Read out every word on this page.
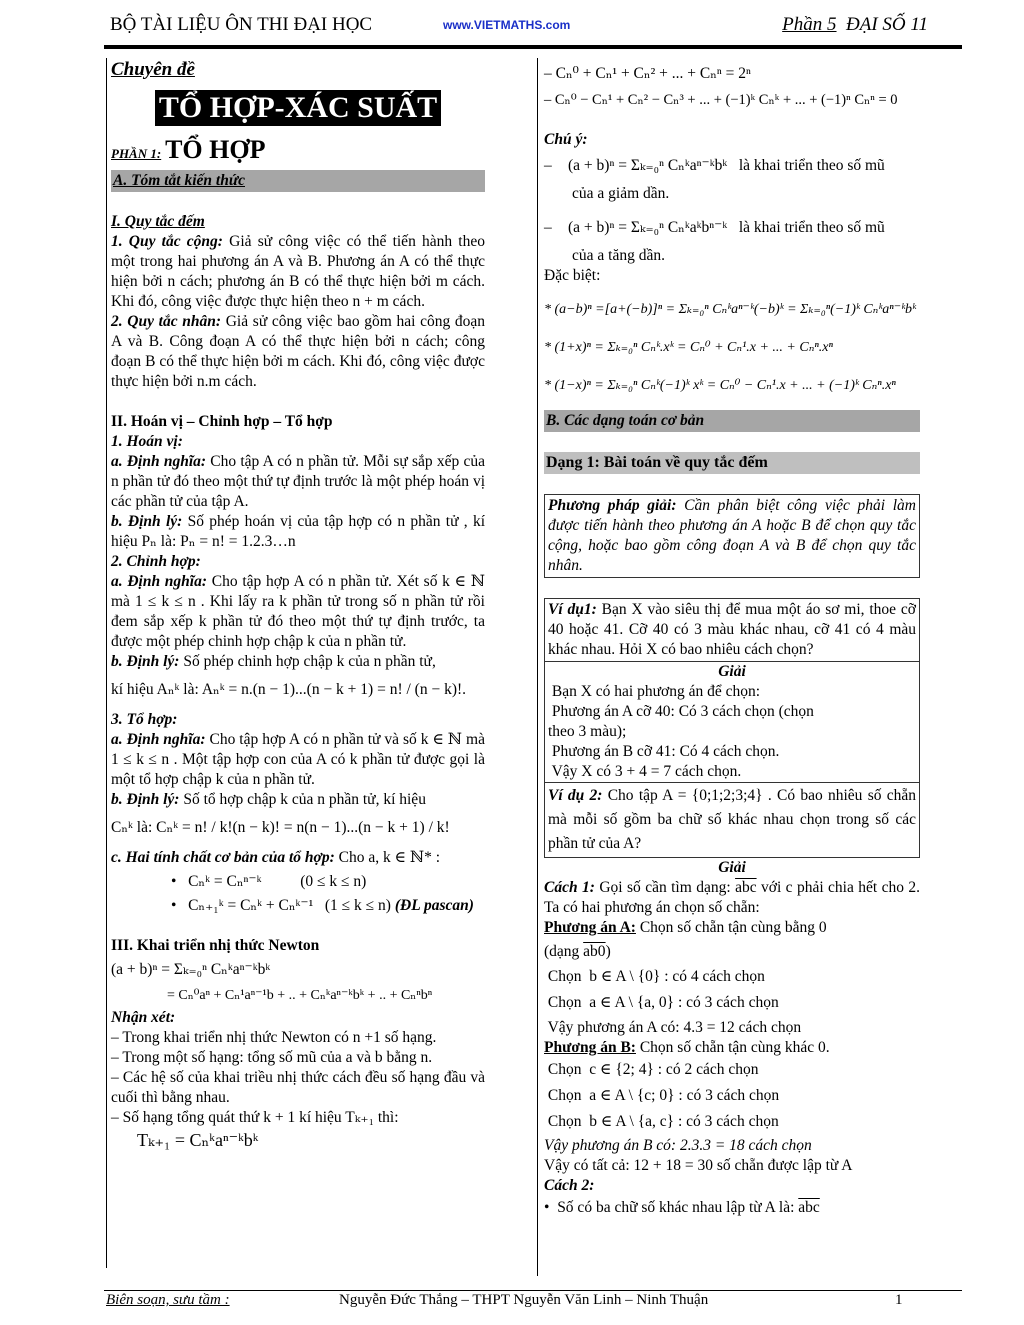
BỘ TÀI LIỆU ÔN THI ĐẠI HỌC	www.VIETMATHS.com	Phần 5 ĐẠI SỐ 11
Chuyên đề
TỔ HỢP-XÁC SUẤT
PHẦN 1: TỔ HỢP
A. Tóm tắt kiến thức
I. Quy tắc đếm
1. Quy tắc cộng: Giả sử công việc có thể tiến hành theo một trong hai phương án A và B. Phương án A có thể thực hiện bởi n cách; phương án B có thể thực hiện bởi m cách. Khi đó, công việc được thực hiện theo n + m cách.
2. Quy tắc nhân: Giả sử công việc bao gồm hai công đoạn A và B. Công đoạn A có thể thực hiện bởi n cách; công đoạn B có thể thực hiện bởi m cách. Khi đó, công việc được thực hiện bởi n.m cách.
II. Hoán vị – Chỉnh hợp – Tổ hợp
1. Hoán vị:
a. Định nghĩa: Cho tập A có n phần tử. Mỗi sự sắp xếp của n phần tử đó theo một thứ tự định trước là một phép hoán vị các phần tử của tập A.
b. Định lý: Số phép hoán vị của tập hợp có n phần tử , kí hiệu Pₙ là: Pₙ = n! = 1.2.3…n
2. Chỉnh hợp:
a. Định nghĩa: Cho tập hợp A có n phần tử. Xét số k ∈ ℕ mà 1 ≤ k ≤ n . Khi lấy ra k phần tử trong số n phần tử rồi đem sắp xếp k phần tử đó theo một thứ tự định trước, ta được một phép chinh hợp chập k của n phần tử.
b. Định lý: Số phép chinh hợp chập k của n phần tử,
kí hiệu Aₙᵏ là: Aₙᵏ = n.(n − 1)...(n − k + 1) = n! / (n − k)!.
3. Tổ hợp:
a. Định nghĩa: Cho tập hợp A có n phần tử và số k ∈ ℕ mà 1 ≤ k ≤ n . Một tập hợp con của A có k phần tử được gọi là một tổ hợp chập k của n phần tử.
b. Định lý: Số tổ hợp chập k của n phần tử, kí hiệu
Cₙᵏ là: Cₙᵏ = n! / k!(n − k)! = n(n − 1)...(n − k + 1) / k!
c. Hai tính chất cơ bản của tổ hợp: Cho a, k ∈ ℕ* :
•   Cₙᵏ = Cₙⁿ⁻ᵏ          (0 ≤ k ≤ n)
•   Cₙ₊₁ᵏ = Cₙᵏ + Cₙᵏ⁻¹   (1 ≤ k ≤ n) (ĐL pascan)
III. Khai triển nhị thức Newton
(a + b)ⁿ = Σₖ₌₀ⁿ Cₙᵏaⁿ⁻ᵏbᵏ
= Cₙ⁰aⁿ + Cₙ¹aⁿ⁻¹b + .. + Cₙᵏaⁿ⁻ᵏbᵏ + .. + Cₙⁿbⁿ
Nhận xét:
– Trong khai triển nhị thức Newton có n +1 số hạng.
– Trong một số hạng: tổng số mũ của a và b bằng n.
– Các hệ số của khai triều nhị thức cách đều số hạng đầu và cuối thì bằng nhau.
– Số hạng tổng quát thứ k + 1 kí hiệu Tₖ₊₁ thì:
Tₖ₊₁ = Cₙᵏaⁿ⁻ᵏbᵏ
– Cₙ⁰ + Cₙ¹ + Cₙ² + ... + Cₙⁿ = 2ⁿ
– Cₙ⁰ − Cₙ¹ + Cₙ² − Cₙ³ + ... + (−1)ᵏ Cₙᵏ + ... + (−1)ⁿ Cₙⁿ = 0
Chú ý:
– (a + b)ⁿ = Σₖ₌₀ⁿ Cₙᵏaⁿ⁻ᵏbᵏ là khai triển theo số mũ
của a giảm dần.
– (a + b)ⁿ = Σₖ₌₀ⁿ Cₙᵏaᵏbⁿ⁻ᵏ là khai triển theo số mũ
của a tăng dần.
Đặc biệt:
* (a−b)ⁿ =[a+(−b)]ⁿ = Σₖ₌₀ⁿ Cₙᵏaⁿ⁻ᵏ(−b)ᵏ = Σₖ₌₀ⁿ(−1)ᵏ Cₙᵏaⁿ⁻ᵏbᵏ
* (1+x)ⁿ = Σₖ₌₀ⁿ Cₙᵏ.xᵏ = Cₙ⁰ + Cₙ¹.x + ... + Cₙⁿ.xⁿ
* (1−x)ⁿ = Σₖ₌₀ⁿ Cₙᵏ(−1)ᵏ xᵏ = Cₙ⁰ − Cₙ¹.x + ... + (−1)ᵏ Cₙⁿ.xⁿ
B. Các dạng toán cơ bản
Dạng 1: Bài toán về quy tắc đếm
Phương pháp giải: Cần phân biệt công việc phải làm được tiến hành theo phương án A hoặc B để chọn quy tắc cộng, hoặc bao gồm công đoạn A và B để chọn quy tắc nhân.
Ví dụ1: Bạn X vào siêu thị để mua một áo sơ mi, thoe cỡ 40 hoặc 41. Cỡ 40 có 3 màu khác nhau, cỡ 41 có 4 màu khác nhau. Hỏi X có bao nhiêu cách chọn?
Giải
Bạn X có hai phương án để chọn:
Phương án A cỡ 40: Có 3 cách chọn (chọn
theo 3 màu);
Phương án B cỡ 41: Có 4 cách chọn.
Vậy X có 3 + 4 = 7 cách chọn.
Ví dụ 2: Cho tập A = {0;1;2;3;4} . Có bao nhiêu số chẵn mà mỗi số gồm ba chữ số khác nhau chọn trong số các phần tử của A?
Giải
Cách 1: Gọi số cần tìm dạng: $\overline{abc}$ với c phải chia hết cho 2. Ta có hai phương án chọn số chẵn:
Phương án A: Chọn số chẵn tận cùng bằng 0
(dạng ab0)
Chọn  b ∈ A \ {0} : có 4 cách chọn
Chọn  a ∈ A \ {a, 0} : có 3 cách chọn
Vậy phương án A có: 4.3 = 12 cách chọn
Phương án B: Chọn số chẵn tận cùng khác 0.
Chọn  c ∈ {2; 4} : có 2 cách chọn
Chọn  a ∈ A \ {c; 0} : có 3 cách chọn
Chọn  b ∈ A \ {a, c} : có 3 cách chọn
Vậy phương án B có: 2.3.3 = 18 cách chọn
Vậy có tất cả: 12 + 18 = 30 số chẵn được lập từ A
Cách 2:
•  Số có ba chữ số khác nhau lập từ A là: $\overline{abc}$
Biên soạn, sưu tầm :	Nguyễn Đức Thắng – THPT Nguyễn Văn Linh – Ninh Thuận	1
